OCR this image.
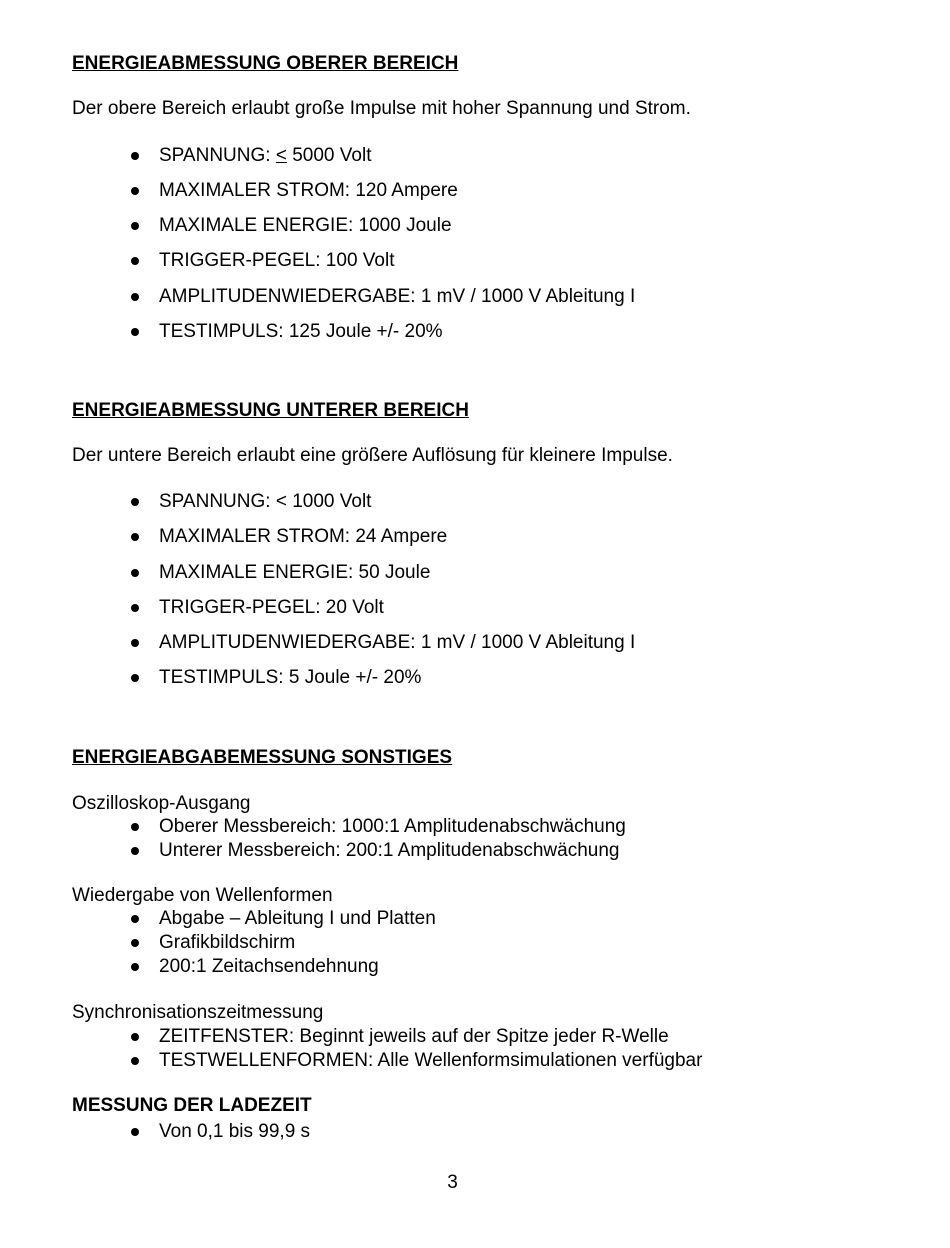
ENERGIEABMESSUNG OBERER BEREICH
Der obere Bereich erlaubt große Impulse mit hoher Spannung und Strom.
SPANNUNG: < 5000 Volt
MAXIMALER STROM: 120 Ampere
MAXIMALE ENERGIE: 1000 Joule
TRIGGER-PEGEL: 100 Volt
AMPLITUDENWIEDERGABE: 1 mV / 1000 V Ableitung I
TESTIMPULS: 125 Joule +/- 20%
ENERGIEABMESSUNG UNTERER BEREICH
Der untere Bereich erlaubt eine größere Auflösung für kleinere Impulse.
SPANNUNG: < 1000 Volt
MAXIMALER STROM: 24 Ampere
MAXIMALE ENERGIE: 50 Joule
TRIGGER-PEGEL: 20 Volt
AMPLITUDENWIEDERGABE: 1 mV / 1000 V Ableitung I
TESTIMPULS: 5 Joule +/- 20%
ENERGIEABGABEMESSUNG SONSTIGES
Oszilloskop-Ausgang
Oberer Messbereich: 1000:1 Amplitudenabschwächung
Unterer Messbereich: 200:1 Amplitudenabschwächung
Wiedergabe von Wellenformen
Abgabe – Ableitung I und Platten
Grafikbildschirm
200:1 Zeitachsendehnung
Synchronisationszeitmessung
ZEITFENSTER: Beginnt jeweils auf der Spitze jeder R-Welle
TESTWELLENFORMEN: Alle Wellenformsimulationen verfügbar
MESSUNG DER LADEZEIT
Von 0,1 bis 99,9 s
3
